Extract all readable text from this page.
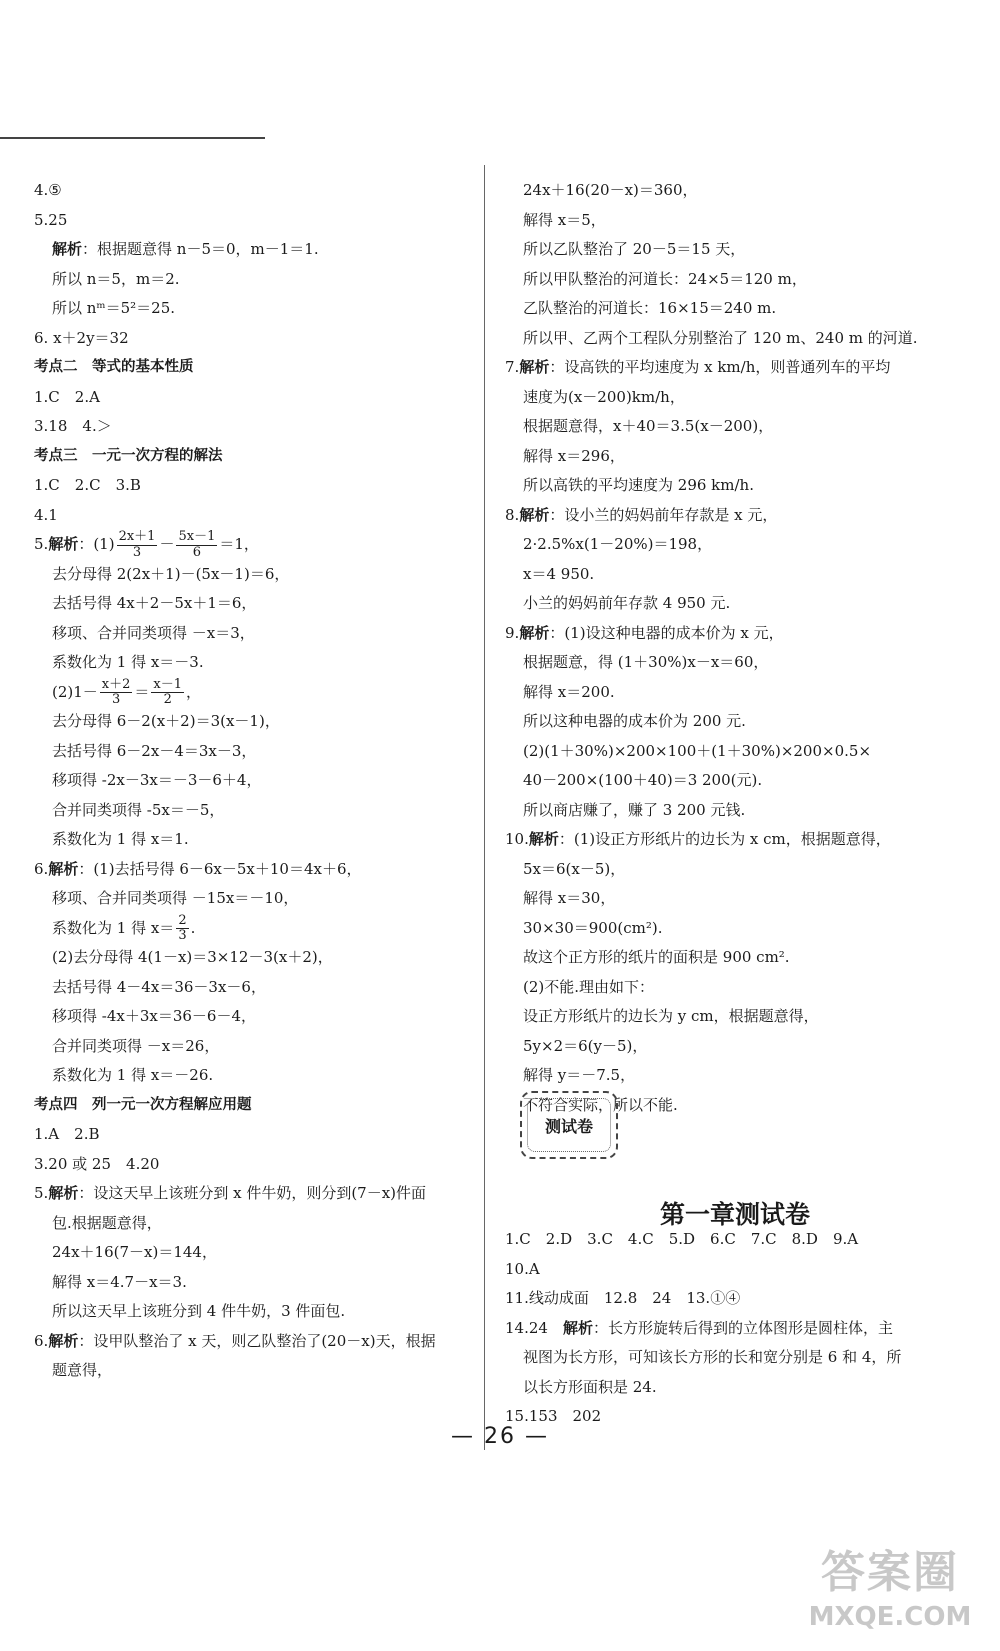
4.⑤
5.25
解析：根据题意得 n－5＝0，m－1＝1.
所以 n＝5，m＝2.
所以 nᵐ＝5²＝25.
6. x＋2y＝32
考点二　等式的基本性质
1.C　2.A
3.18　4.＞
考点三　一元一次方程的解法
1.C　2.C　3.B
4.1
5.解析：$(1) \frac{2x+1}{3} - \frac{5x-1}{6} =1$，
去分母得 2(2x＋1)－(5x－1)＝6，
去括号得 4x＋2－5x＋1＝6，
移项、合并同类项得 －x＝3，
系数化为 1 得 x＝－3.
$(2)1- \frac{x+2}{3} = \frac{x-1}{2}$ ，
去分母得 6－2(x＋2)＝3(x－1)，
去括号得 6－2x－4＝3x－3，
移项得 -2x－3x＝－3－6＋4，
合并同类项得 -5x＝－5，
系数化为 1 得 x＝1.
6.解析：(1)去括号得 6－6x－5x＋10＝4x＋6，
移项、合并同类项得 －15x＝－10，
系数化为 1 得 $x= \frac{2}{3}$ .
(2)去分母得 4(1－x)＝3×12－3(x＋2)，
去括号得 4－4x＝36－3x－6，
移项得 -4x＋3x＝36－6－4，
合并同类项得 －x＝26，
系数化为 1 得 x＝－26.
考点四　列一元一次方程解应用题
1.A　2.B
3.20 或 25　4.20
5.解析：设这天早上该班分到 x 件牛奶，则分到(7－x)件面
包.根据题意得，
24x＋16(7－x)＝144，
解得 x＝4.7－x＝3.
所以这天早上该班分到 4 件牛奶，3 件面包.
6.解析：设甲队整治了 x 天，则乙队整治了(20－x)天，根据
题意得，
24x＋16(20－x)＝360，
解得 x＝5，
所以乙队整治了 20－5＝15 天，
所以甲队整治的河道长：24×5＝120 m，
乙队整治的河道长：16×15＝240 m.
所以甲、乙两个工程队分别整治了 120 m、240 m 的河道.
7.解析：设高铁的平均速度为 x km/h，则普通列车的平均
速度为(x－200)km/h，
根据题意得，x＋40＝3.5(x－200)，
解得 x＝296，
所以高铁的平均速度为 296 km/h.
8.解析：设小兰的妈妈前年存款是 x 元，
2·2.5%x(1－20%)＝198，
x＝4 950.
小兰的妈妈前年存款 4 950 元.
9.解析：(1)设这种电器的成本价为 x 元，
根据题意，得 (1＋30%)x－x＝60，
解得 x＝200.
所以这种电器的成本价为 200 元.
(2)(1＋30%)×200×100＋(1＋30%)×200×0.5×
40－200×(100＋40)＝3 200(元).
所以商店赚了，赚了 3 200 元钱.
10.解析：(1)设正方形纸片的边长为 x cm，根据题意得，
5x＝6(x－5)，
解得 x＝30，
30×30＝900(cm²).
故这个正方形的纸片的面积是 900 cm².
(2)不能.理由如下：
设正方形纸片的边长为 y cm，根据题意得，
5y×2＝6(y－5)，
解得 y＝－7.5，
不符合实际，所以不能.
测试卷
第一章测试卷
1.C　2.D　3.C　4.C　5.D　6.C　7.C　8.D　9.A
10.A
11.线动成面　12.8　24　13.①④
14.24　解析：长方形旋转后得到的立体图形是圆柱体，主
视图为长方形，可知该长方形的长和宽分别是 6 和 4，所
以长方形面积是 24.
15.153　202
— 26 —
答案圈
MXQE.COM
